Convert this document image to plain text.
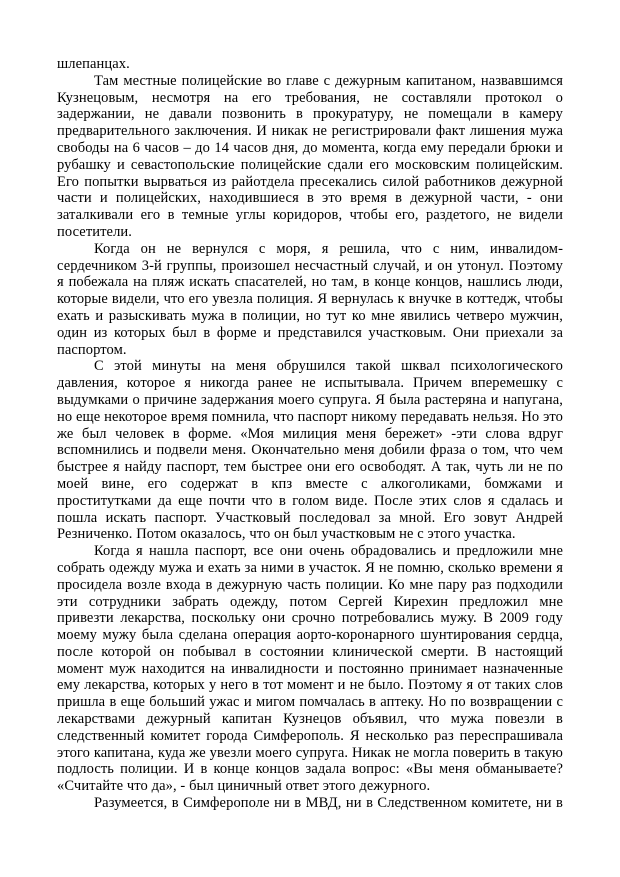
шлепанцах.

Там местные полицейские во главе с дежурным капитаном, назвавшимся Кузнецовым, несмотря на его требования, не составляли протокол о задержании, не давали позвонить в прокуратуру, не помещали в камеру предварительного заключения. И никак не регистрировали факт лишения мужа свободы на 6 часов – до 14 часов дня, до момента, когда ему передали брюки и рубашку и севастопольские полицейские сдали его московским полицейским. Его попытки вырваться из райотдела пресекались силой работников дежурной части и полицейских, находившиеся в это время в дежурной части, - они заталкивали его в темные углы коридоров, чтобы его, раздетого, не видели посетители.

Когда он не вернулся с моря, я решила, что с ним, инвалидом-сердечником 3-й группы, произошел несчастный случай, и он утонул. Поэтому я побежала на пляж искать спасателей, но там, в конце концов, нашлись люди, которые видели, что его увезла полиция. Я вернулась к внучке в коттедж, чтобы ехать и разыскивать мужа в полиции, но тут ко мне явились четверо мужчин, один из которых был в форме и представился участковым. Они приехали за паспортом.

С этой минуты на меня обрушился такой шквал психологического давления, которое я никогда ранее не испытывала. Причем вперемешку с выдумками о причине задержания моего супруга. Я была растеряна и напугана, но еще некоторое время помнила, что паспорт никому передавать нельзя. Но это же был человек в форме. «Моя милиция меня бережет» -эти слова вдруг вспомнились и подвели меня. Окончательно меня добили фраза о том, что чем быстрее я найду паспорт, тем быстрее они его освободят. А так, чуть ли не по моей вине, его содержат в кпз вместе с алкоголиками, бомжами и проститутками да еще почти что в голом виде. После этих слов я сдалась и пошла искать паспорт. Участковый последовал за мной. Его зовут Андрей Резниченко. Потом оказалось, что он был участковым не с этого участка.

Когда я нашла паспорт, все они очень обрадовались и предложили мне собрать одежду мужа и ехать за ними в участок. Я не помню, сколько времени я просидела возле входа в дежурную часть полиции. Ко мне пару раз подходили эти сотрудники забрать одежду, потом Сергей Кирехин предложил мне привезти лекарства, поскольку они срочно потребовались мужу. В 2009 году моему мужу была сделана операция аорто-коронарного шунтирования сердца, после которой он побывал в состоянии клинической смерти. В настоящий момент муж находится на инвалидности и постоянно принимает назначенные ему лекарства, которых у него в тот момент и не было. Поэтому я от таких слов пришла в еще больший ужас и мигом помчалась в аптеку. Но по возвращении с лекарствами дежурный капитан Кузнецов объявил, что мужа повезли в следственный комитет города Симферополь. Я несколько раз переспрашивала этого капитана, куда же увезли моего супруга. Никак не могла поверить в такую подлость полиции. И в конце концов задала вопрос: «Вы меня обманываете? «Считайте что да», - был циничный ответ этого дежурного.

Разумеется, в Симферополе ни в МВД, ни в Следственном комитете, ни в
